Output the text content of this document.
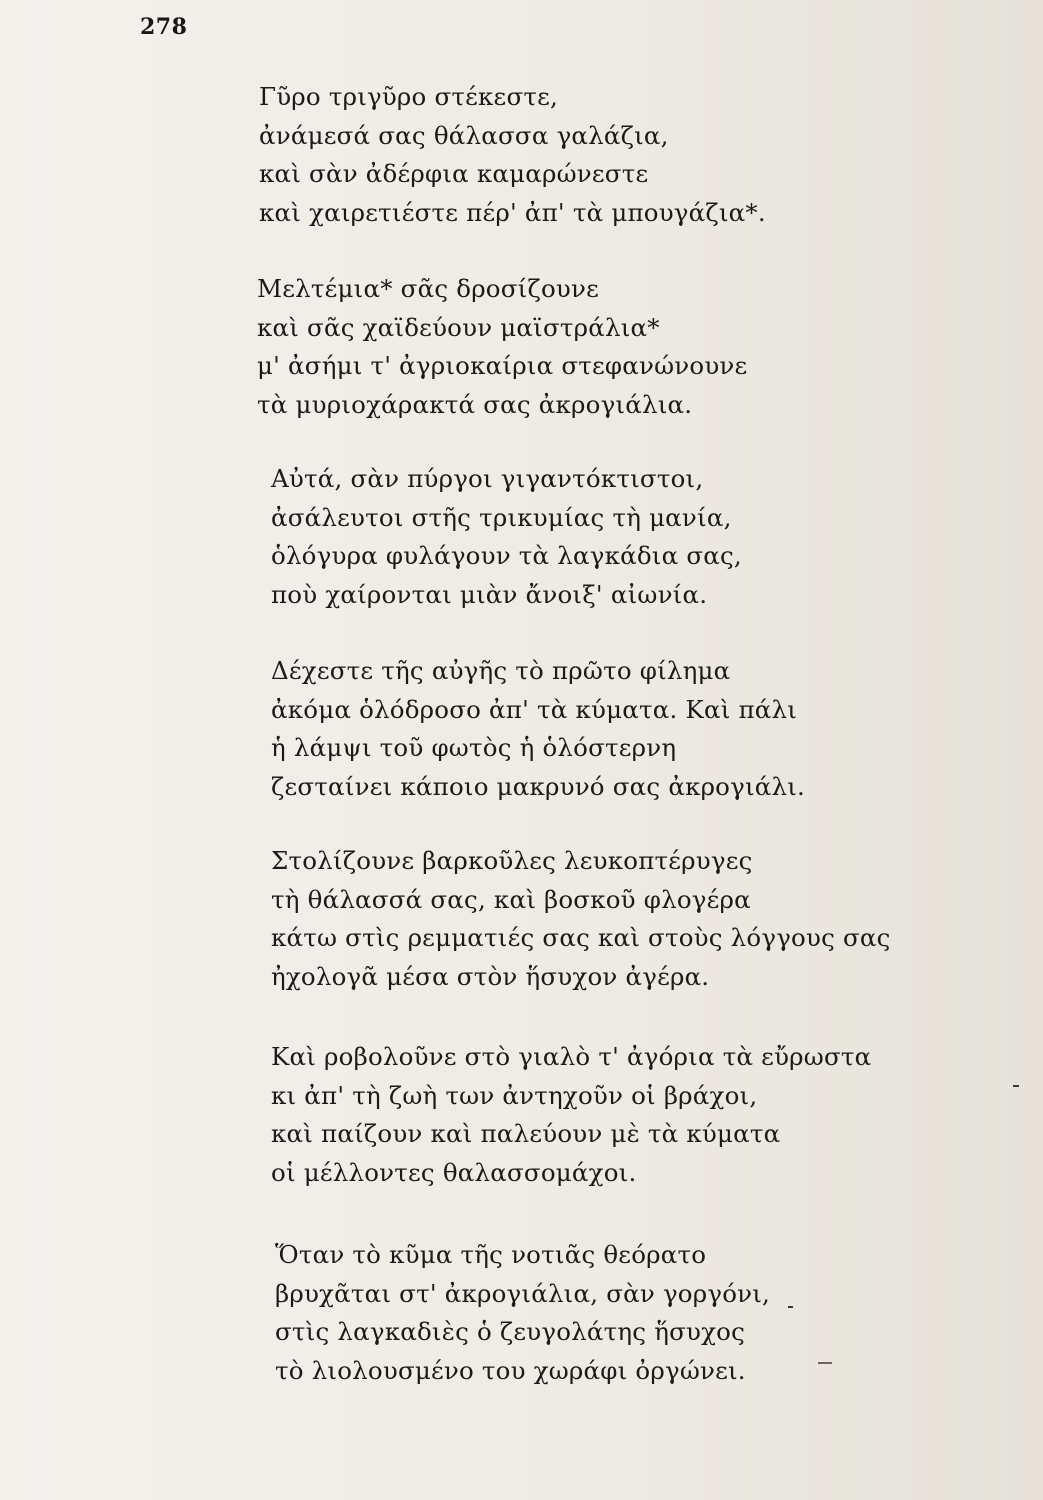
278
Γῦρο τριγῦρο στέκεστε,
ἀνάμεσά σας θάλασσα γαλάζια,
καὶ σὰν ἀδέρφια καμαρώνεστε
καὶ χαιρετιέστε πέρ' ἀπ' τὰ μπουγάζια*.
Μελτέμια* σᾶς δροσίζουνε
καὶ σᾶς χαϊδεύουν μαϊστράλια*
μ' ἀσήμι τ' ἀγριοκαίρια στεφανώνουνε
τὰ μυριοχάρακτά σας ἀκρογιάλια.
Αὐτά, σὰν πύργοι γιγαντόκτιστοι,
ἀσάλευτοι στῆς τρικυμίας τὴ μανία,
ὁλόγυρα φυλάγουν τὰ λαγκάδια σας,
ποὺ χαίρονται μιὰν ἄνοιξ' αἰωνία.
Δέχεστε τῆς αὐγῆς τὸ πρῶτο φίλημα
ἀκόμα ὁλόδροσο ἀπ' τὰ κύματα. Καὶ πάλι
ἡ λάμψι τοῦ φωτὸς ἡ ὁλόστερνη
ζεσταίνει κάποιο μακρυνό σας ἀκρογιάλι.
Στολίζουνε βαρκοῦλες λευκοπτέρυγες
τὴ θάλασσά σας, καὶ βοσκοῦ φλογέρα
κάτω στὶς ρεμματιές σας καὶ στοὺς λόγγους σας
ἠχολογᾶ μέσα στὸν ἥσυχον ἀγέρα.
Καὶ ροβολοῦνε στὸ γιαλὸ τ' ἀγόρια τὰ εὔρωστα
κι ἀπ' τὴ ζωὴ των ἀντηχοῦν οἱ βράχοι,
καὶ παίζουν καὶ παλεύουν μὲ τὰ κύματα
οἱ μέλλοντες θαλασσομάχοι.
Ὅταν τὸ κῦμα τῆς νοτιᾶς θεόρατο
βρυχᾶται στ' ἀκρογιάλια, σὰν γοργόνι,
στὶς λαγκαδιὲς ὁ ζευγολάτης ἥσυχος
τὸ λιολουσμένο του χωράφι ὀργώνει.
